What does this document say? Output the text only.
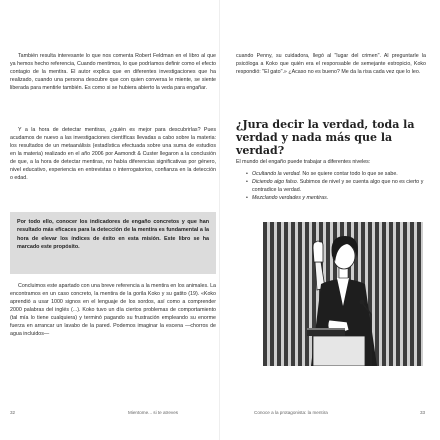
También resulta interesante lo que nos comenta Robert Feldman en el libro al que ya hemos hecho referencia, Cuando mentimos, lo que podríamos definir como el efecto contagio de la mentira. El autor explica que en diferentes investigaciones que ha realizado, cuando una persona descubre que con quien conversa le miente, se siente liberada para mentirle también. Es como si se hubiera abierto la veda para engañar.

Y a la hora de detectar mentiras, ¿quién es mejor para descubrirlas? Pues acudamos de nuevo a las investigaciones científicas llevadas a cabo sobre la materia: los resultados de un metaanálisis (estadística efectuada sobre una suma de estudios en la materia) realizado en el año 2006 por Aamondt & Custer llegaron a la conclusión de que, a la hora de detectar mentiras, no había diferencias significativas por género, nivel educativo, experiencia en entrevistas o interrogatorios, confianza en la detección o edad.

Por todo ello, conocer los indicadores de engaño concretos y que han resultado más eficaces para la detección de la mentira es fundamental a la hora de elevar los índices de éxito en esta misión. Este libro se ha marcado este propósito.

Concluimos este apartado con una breve referencia a la mentira en los animales. La encontramos en un caso concreto, la mentira de la gorila Koko y su gatito (19). «Koko aprendió a usar 1000 signos en el lenguaje de los sordos, así como a comprender 2000 palabras del inglés (...). Koko tuvo un día ciertos problemas de comportamiento (tal mía lo tiene cualquiera) y terminó pagando su frustración empleando su enorme fuerza en arrancar un lavabo de la pared. Podemos imaginar la escena —chorros de agua incluidos—

32	Mientome... si te atreves

cuando Penny, su cuidadora, llegó al "lugar del crimen". Al preguntarle la psicóloga a Koko que quién era el responsable de semejante estropicio, Koko respondió: "El gato".» ¿Acaso no es bueno? Me da la risa cada vez que lo leo.

¿Jura decir la verdad, toda la verdad y nada más que la verdad?

El mundo del engaño puede trabajar a diferentes niveles:

• Ocultando la verdad. No se quiere contar todo lo que se sabe.
• Diciendo algo falso. Subimos de nivel y se cuenta algo que no es cierto y contradice la verdad.
• Mezclando verdades y mentiras.
Conoce a la protagonista: la mentira	33
